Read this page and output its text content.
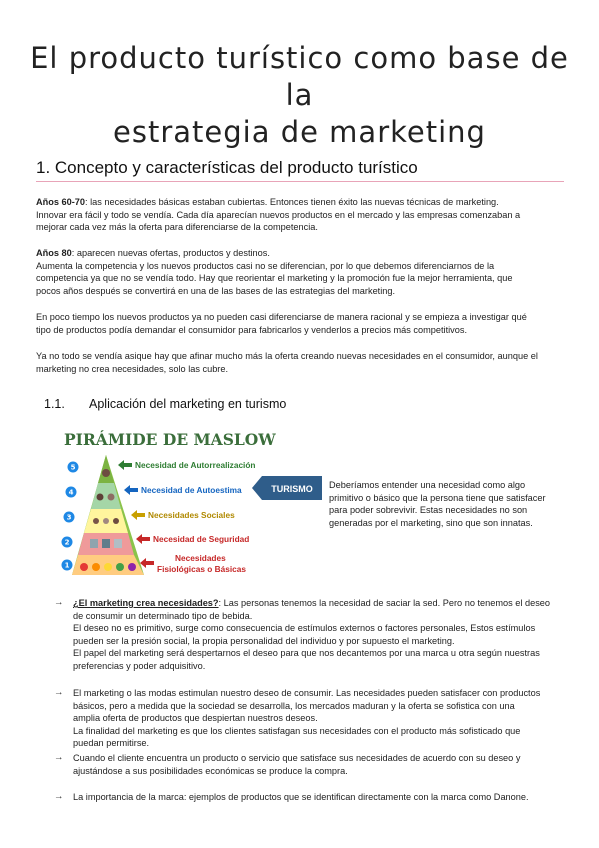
El producto turístico como base de la
estrategia de marketing
1. Concepto y características del producto turístico
Años 60-70: las necesidades básicas estaban cubiertas. Entonces tienen éxito las nuevas técnicas de marketing.
Innovar era fácil y todo se vendía. Cada día aparecían nuevos productos en el mercado y las empresas comenzaban a
mejorar cada vez más la oferta para diferenciarse de la competencia.
Años 80: aparecen nuevas ofertas, productos y destinos.
Aumenta la competencia y los nuevos productos casi no se diferencian, por lo que debemos diferenciarnos de la
competencia ya que no se vendía todo. Hay que reorientar el marketing y la promoción fue la mejor herramienta, que
pocos años después se convertirá en una de las bases de las estrategias del marketing.
En poco tiempo los nuevos productos ya no pueden casi diferenciarse de manera racional y se empieza a investigar qué
tipo de productos podía demandar el consumidor para fabricarlos y venderlos a precios más competitivos.
Ya no todo se vendía asique hay que afinar mucho más la oferta creando nuevas necesidades en el consumidor, aunque el
marketing no crea necesidades, solo las cubre.
1.1. Aplicación del marketing en turismo
PIRÁMIDE DE MASLOW
5
4
3
2
1
Necesidad de Autorrealización
Necesidad de Autoestima
Necesidades Sociales
Necesidad de Seguridad
Necesidades
Fisiológicas o Básicas
TURISMO Deberíamos entender una necesidad como algo
primitivo o básico que la persona tiene que satisfacer
para poder sobrevivir. Estas necesidades no son
generadas por el marketing, sino que son innatas.
→ ¿El marketing crea necesidades?: Las personas tenemos la necesidad de saciar la sed. Pero no tenemos el deseo
de consumir un determinado tipo de bebida.
El deseo no es primitivo, surge como consecuencia de estímulos externos o factores personales, Estos estímulos
pueden ser la presión social, la propia personalidad del individuo y por supuesto el marketing.
El papel del marketing será despertarnos el deseo para que nos decantemos por una marca u otra según nuestras
preferencias y poder adquisitivo.
→ El marketing o las modas estimulan nuestro deseo de consumir. Las necesidades pueden satisfacer con productos
básicos, pero a medida que la sociedad se desarrolla, los mercados maduran y la oferta se sofistica con una
amplia oferta de productos que despiertan nuestros deseos.
La finalidad del marketing es que los clientes satisfagan sus necesidades con el producto más sofisticado que
puedan permitirse.
→ Cuando el cliente encuentra un producto o servicio que satisface sus necesidades de acuerdo con su deseo y
ajustándose a sus posibilidades económicas se produce la compra.
→ La importancia de la marca: ejemplos de productos que se identifican directamente con la marca como Danone.
